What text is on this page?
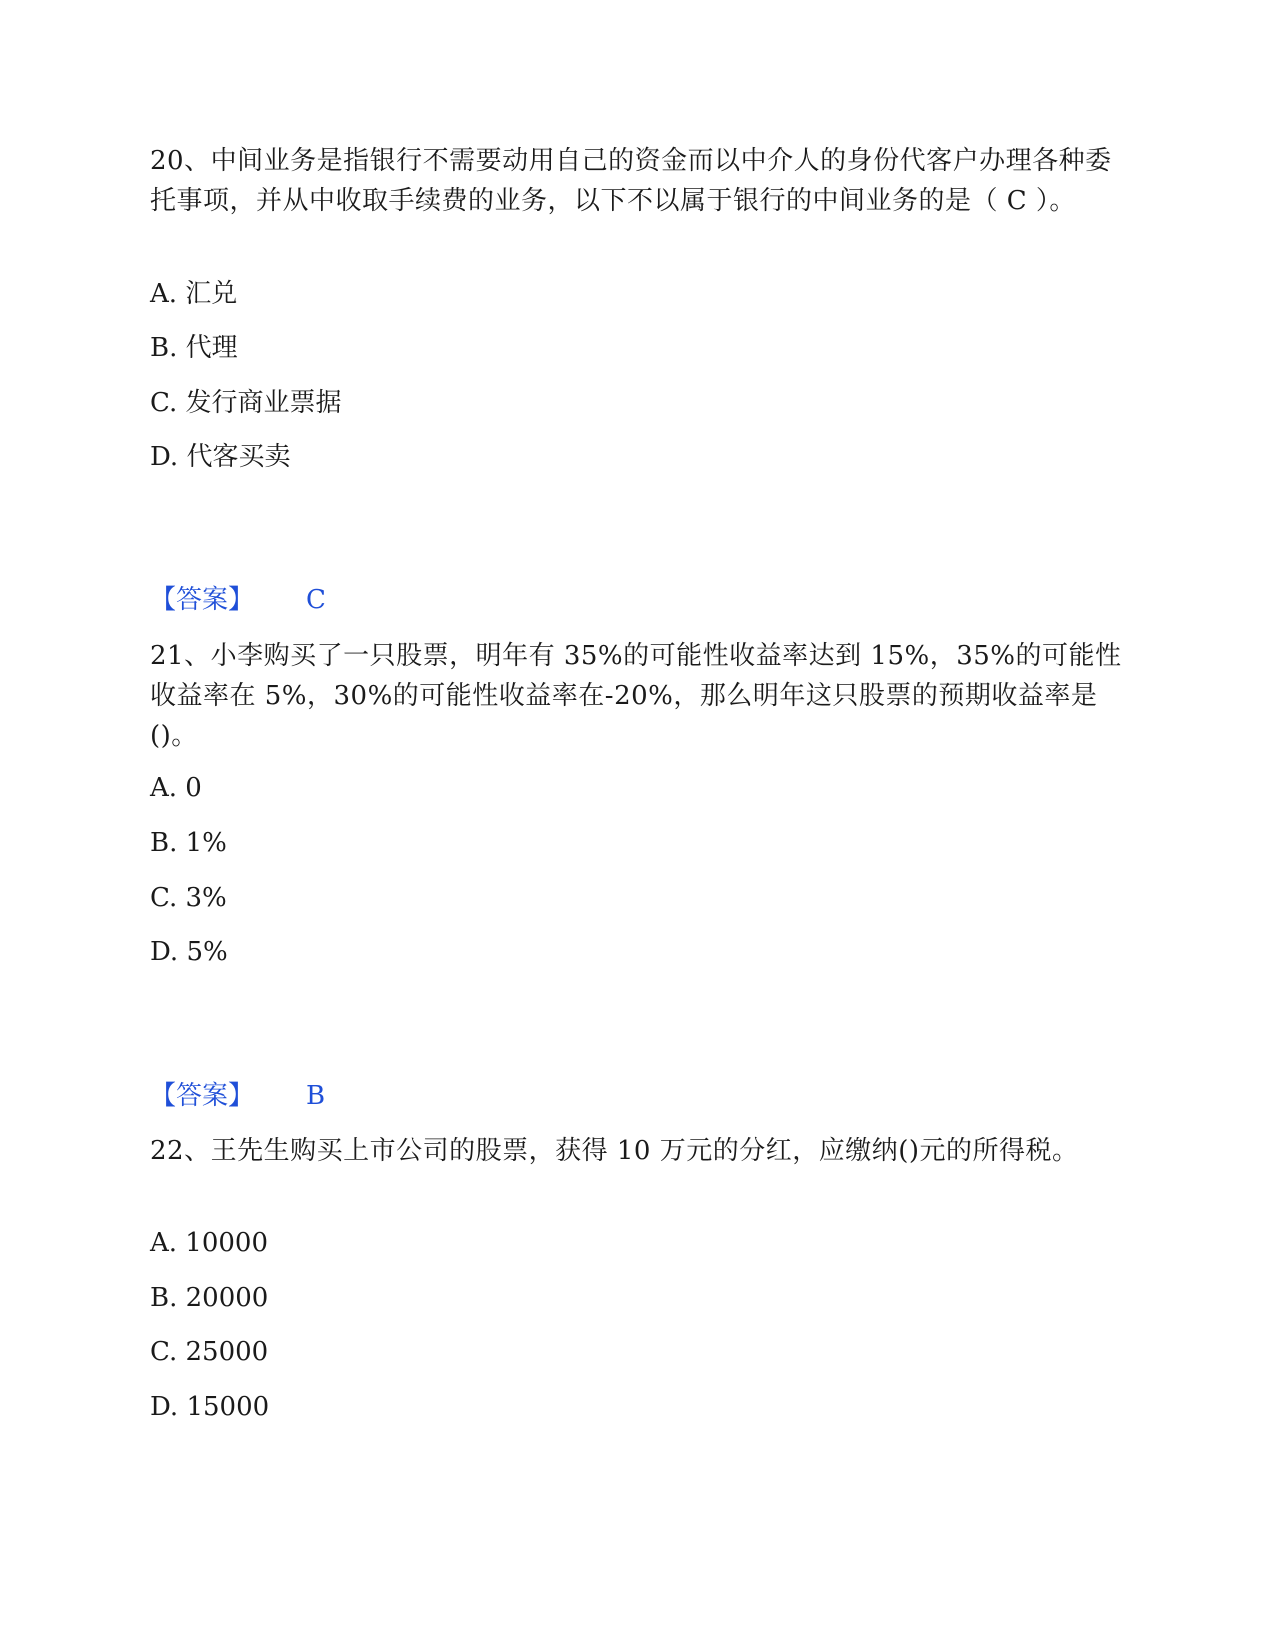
20、中间业务是指银行不需要动用自己的资金而以中介人的身份代客户办理各种委托事项，并从中收取手续费的业务，以下不以属于银行的中间业务的是（ C ）。

A. 汇兑
B. 代理
C. 发行商业票据
D. 代客买卖
【答案】 C

21、小李购买了一只股票，明年有 35%的可能性收益率达到 15%，35%的可能性收益率在 5%，30%的可能性收益率在-20%，那么明年这只股票的预期收益率是()。

A. 0
B. 1%
C. 3%
D. 5%
【答案】 B

22、王先生购买上市公司的股票，获得 10 万元的分红，应缴纳()元的所得税。

A. 10000
B. 20000
C. 25000
D. 15000
